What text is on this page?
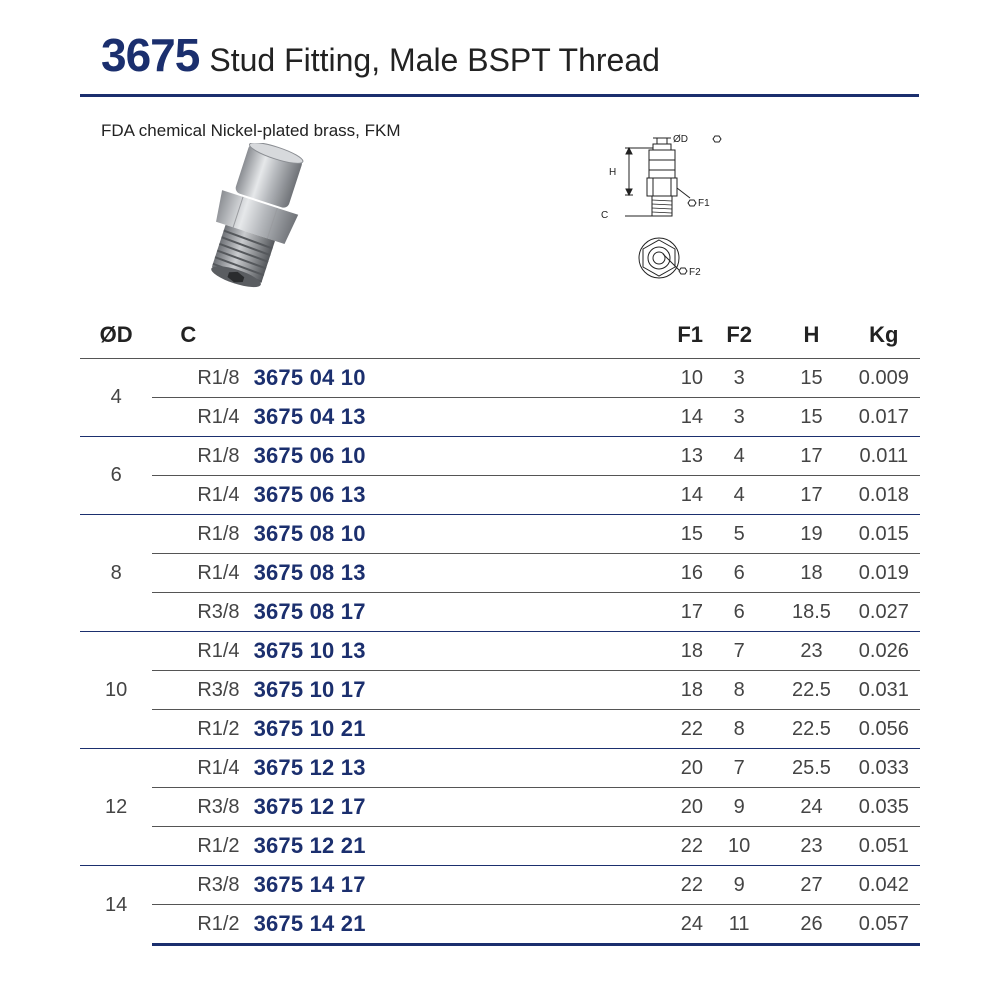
3675 Stud Fitting, Male BSPT Thread
FDA chemical Nickel-plated brass, FKM	ØD
H
C
F1
F2
ØD	C		F1	F2	H	Kg
4	R1/8	3675 04 10	10	3	15	0.009
	R1/4	3675 04 13	14	3	15	0.017
6	R1/8	3675 06 10	13	4	17	0.011
	R1/4	3675 06 13	14	4	17	0.018
8	R1/8	3675 08 10	15	5	19	0.015
	R1/4	3675 08 13	16	6	18	0.019
	R3/8	3675 08 17	17	6	18.5	0.027
10	R1/4	3675 10 13	18	7	23	0.026
	R3/8	3675 10 17	18	8	22.5	0.031
	R1/2	3675 10 21	22	8	22.5	0.056
12	R1/4	3675 12 13	20	7	25.5	0.033
	R3/8	3675 12 17	20	9	24	0.035
	R1/2	3675 12 21	22	10	23	0.051
14	R3/8	3675 14 17	22	9	27	0.042
	R1/2	3675 14 21	24	11	26	0.057
